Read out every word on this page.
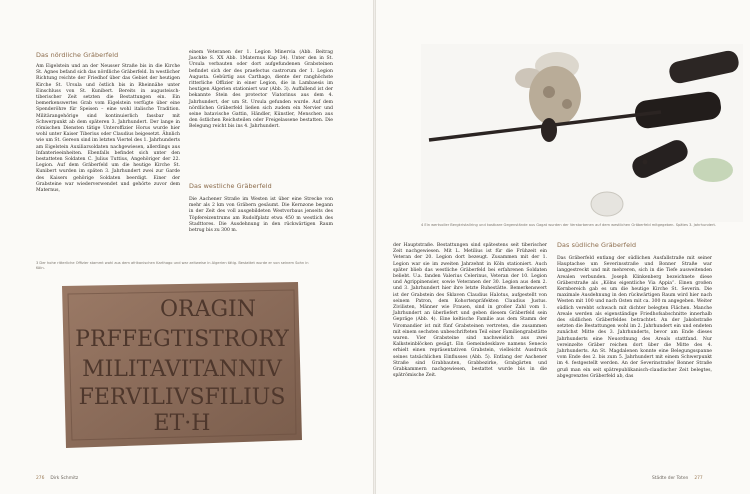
Das nördliche Gräberfeld

Am Eigelstein und an der Neusser Straße bis in die Kirche St. Agnes befand sich das nördliche Gräberfeld. In westlicher Richtung reichte der Friedhof über das Gebiet der heutigen Kirche St. Ursula und östlich bis in Rheinnähe unter Einschluss von St. Kunibert. Bereits in augusteisch-tiberischer Zeit setzten die Bestattungen ein. Ein bemerkenswertes Grab vom Eigelstein verfügte über eine Spenderöhre für Speisen – eine wohl italische Tradition. Militärangehörige sind kontinuierlich fassbar mit Schwerpunkt ab dem späteren 3. Jahrhundert. Der lange in römischen Diensten tätige Unteroffizier Horus wurde hier wohl unter Kaiser Tiberius oder Claudius beigesetzt. Ähnlich wie um St. Gereon sind im letzten Viertel des 1. Jahrhunderts am Eigelstein Auxiliarsoldaten nachgewiesen, allerdings aus Infanterieeinheiten. Ebenfalls befindet sich unter den bestatteten Soldaten C. Julius Tuttius, Angehöriger der 22. Legion. Auf dem Gräberfeld um die heutige Kirche St. Kunibert wurden im späten 3. Jahrhundert zwei zur Garde des Kaisers gehörige Soldaten beerdigt. Einer der Grabsteine war wiederverwendet und gehörte zuvor dem Maternus,

einem Veteranen der 1. Legion Minervia (Abb. Beitrag Jaschke S. XX Abb. 1Maternus Kap 34). Unter den in St. Ursula verbauten oder dort aufgefundenen Grabsteinen befindet sich der des praefectus castrorum der 1. Legion Augusta. Gebürtig aus Carthago, diente der ranghöchste ritterliche Offizier in einer Legion, die in Lambaesis im heutigen Algerien stationiert war (Abb. 3). Auffallend ist der bekannte Stein des protector Viatorinus aus dem 4. Jahrhundert, der um St. Ursula gefunden wurde. Auf dem nördlichen Gräberfeld ließen sich zudem ein Nervier und seine batavische Gattin, Händler, Künstler, Menschen aus den östlichen Reichsteilen oder Freigelassene bestatten. Die Belegung reicht bis ins 4. Jahrhundert.

Das westliche Gräberfeld

Die Aachener Straße im Westen ist über eine Strecke von mehr als 2 km von Gräbern gesäumt. Die Kernzone begann in der Zeit des voll ausgebildeten Westvorbaus jenseits des Töpfereizentrums am Rudolfplatz etwa 450 m westlich des Stadttores. Die Ausdehnung in den rückwärtigen Raum betrug bis zu 300 m.

3 Der hohe ritterliche Offizier stammt wohl aus dem afrikanischen Karthago und war zeitweise in Algerien tätig. Bestattet wurde er von seinem Sohn in Köln.
ORAGIN
PRFFEGTISTRORY
MILITAVITANNIV
FERVILIVSFILIUS
ET·H
276 Dirk Schmitz
4 Ein wertvoller Bergkristallring und kostbare Gegenstände aus Gagat wurden der Verstorbenen auf dem westlichen Gräberfeld mitgegeben. Spätes 3. Jahrhundert.

der Hauptstraße. Bestattungen sind spätestens seit tiberischer Zeit nachgewiesen. Mit L. Metilius ist für die Frühzeit ein Veteran der 20. Legion dort bezeugt. Zusammen mit der 1. Legion war sie im zweiten Jahrzehnt in Köln stationiert. Auch später blieb das westliche Gräberfeld bei erfahrenen Soldaten beliebt. U.a. fanden Valerius Celerinus, Veteran der 10. Legion und Agrippinensier, sowie Veteranen der 30. Legion aus dem 2. und 3. Jahrhundert hier ihre letzte Ruhestätte. Bemerkenswert ist der Grabstein des Sklaven Claudius Halotus, aufgestellt von seinem Patron, dem Kohortenpräfekten Claudius Justus. Zivilisten, Männer wie Frauen, sind in großer Zahl vom 1. Jahrhundert an überliefert und geben diesem Gräberfeld sein Gepräge (Abb. 4). Eine keltische Familie aus dem Stamm der Viromandier ist mit fünf Grabsteinen vertreten, die zusammen mit einem sechsten unbeschrifteten Teil einer Familiengrabstätte waren. Vier Grabsteine sind nachweislich aus zwei Kalksteinblöcken gesägt. Ein Gemeindesklave namens Senecio erhielt einen repräsentativen Grabstein, vielleicht Ausdruck seines tatsächlichen Einflusses (Abb. 5). Entlang der Aachener Straße sind Grabbauten, Grabbezirke, Grabgärten und Grabkammern nachgewiesen, bestattet wurde bis in die spätrömische Zeit.

Das südliche Gräberfeld

Das Gräberfeld entlang der südlichen Ausfallstraße mit seiner Hauptachse um Severinsstraße und Bonner Straße war langgestreckt und mit mehreren, sich in die Tiefe ausweitenden Arealen verbunden. Joseph Klinkenberg bezeichnete diese Gräberstraße als „Kölns eigentliche Via Appia“. Einen großen Kernbereich gab es um die heutige Kirche St. Severin. Die maximale Ausdehnung in den rückwärtigen Raum wird hier nach Westen mit 100 und nach Osten mit ca. 300 m angegeben. Weiter südlich verebbt schwach mit dichter belegten Flächen. Manche Areale werden als eigenständige Friedhofsabschnitte innerhalb des südlichen Gräberfeldes betrachtet. An der Jakobstraße setzten die Bestattungen wohl im 2. Jahrhundert ein und endeten zunächst Mitte des 3. Jahrhunderts, bevor am Ende dieses Jahrhunderts eine Neuordnung des Areals stattfand. Nur vereinzelte Gräber reichen dort über die Mitte des 4. Jahrhunderts. An St. Magdalenen konnte eine Belegungsspanne vom Ende des 2. bis zum 5. Jahrhundert mit einem Schwerpunkt im 4. festgestellt werden. An der Severinstraße/ Bonner Straße gruß man ein seit spätrepublikanisch-claudischer Zeit belegtes, abgegrenztes Gräberfeld ab, das

Städte der Toten 277
